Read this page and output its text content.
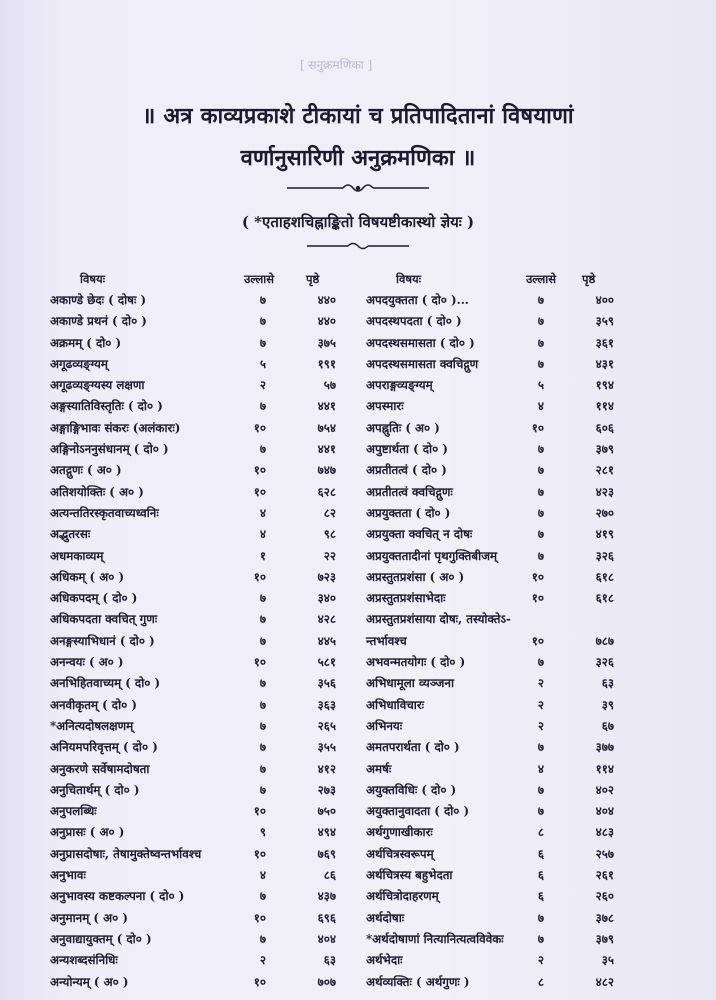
[ सनुक्रमणिका ]
॥ अत्र काव्यप्रकाशे टीकायां च प्रतिपादितानां विषयाणां
वर्णानुसारिणी अनुक्रमणिका ॥
( *एताहशचिह्नाङ्कितो विषयष्टीकास्थो ज्ञेयः )
विषयः	उल्लासे	पृष्ठे
अकाण्डे छेदः ( दोषः )	७	४४०
अकाण्डे प्रथनं ( दो० )	७	४४०
अक्रमम् ( दो० )	७	३७५
अगूढव्यङ्ग्यम्	५	१९१
अगूढव्यङ्ग्यस्य लक्षणा	२	५७
अङ्गस्यातिविस्तृतिः ( दो० )	७	४४१
अङ्गाङ्गिभावः संकरः (अलंकारः)	१०	७५४
अङ्गिनोऽननुसंधानम् ( दो० )	७	४४१
अतद्गुणः ( अ० )	१०	७४७
अतिशयोक्तिः ( अ० )	१०	६२८
अत्यन्ततिरस्कृतवाच्यध्वनिः	४	८२
अद्भुतरसः	४	९८
अधमकाव्यम्	१	२२
अधिकम् ( अ० )	१०	७२३
अधिकपदम् ( दो० )	७	३४०
अधिकपदता क्वचित् गुणः	७	४२८
अनङ्गस्याभिधानं ( दो० )	७	४४५
अनन्वयः ( अ० )	१०	५८१
अनभिहितवाच्यम् ( दो० )	७	३५६
अनवीकृतम् ( दो० )	७	३६३
*अनित्यदोषलक्षणम्	७	२६५
अनियमपरिवृत्तम् ( दो० )	७	३५५
अनुकरणे सर्वेषामदोषता	७	४१२
अनुचितार्थम् ( दो० )	७	२७३
अनुपलब्धिः	१०	७५०
अनुप्रासः ( अ० )	९	४९४
अनुप्रासदोषाः, तेषामुक्तेष्वन्तर्भावश्च	१०	७६९
अनुभावः	४	८६
अनुभावस्य कष्टकल्पना ( दो० )	७	४३७
अनुमानम् ( अ० )	१०	६९६
अनुवाद्यायुक्तम् ( दो० )	७	४०४
अन्यशब्दसंनिधिः	२	६३
अन्योन्यम् ( अ० )	१०	७०७
विषयः	उल्लासे पृष्ठे
अपदयुक्तता ( दो० )...	७	४००
अपदस्थपदता ( दो० )	७	३५९
अपदस्थसमासता ( दो० )	७	३६१
अपदस्थसमासता क्वचिद्गुण	७	४३१
अपराङ्गव्यङ्ग्यम्	५	१९४
अपस्मारः	४	११४
अपह्नुतिः ( अ० )	१०	६०६
अपुष्टार्थता ( दो० )	७	३७९
अप्रतीतत्वं ( दो० )	७	२८१
अप्रतीतत्वं क्वचिद्गुणः	७	४२३
अप्रयुक्तता ( दो० )	७	२७०
अप्रयुक्ता क्वचित् न दोषः	७	४१९
अप्रयुक्ततादीनां पृथगुक्तिबीजम्	७	३२६
अप्रस्तुतप्रशंसा ( अ० )	१०	६१८
अप्रस्तुतप्रशंसाभेदाः	१०	६१८
अप्रस्तुतप्रशंसाया दोषः, तस्योक्तेऽ-
न्तर्भावश्च	१०	७८७
अभवन्मतयोगः ( दो० )	७	३२६
अभिधामूला व्यञ्जना	२	६३
अभिधाविचारः	२	३९
अभिनयः	२	६७
अमतपरार्थता ( दो० )	७	३७७
अमर्षः	४	११४
अयुक्तविधिः ( दो० )	७	४०२
अयुक्तानुवादता ( दो० )	७	४०४
अर्थगुणाखीकारः	८	४८३
अर्थचित्रस्वरूपम्	६	२५७
अर्थचित्रस्य बहुभेदता	६	२६१
अर्थचित्रोदाहरणम्	६	२६०
अर्थदोषाः	७	३७८
*अर्थदोषाणां नित्यानित्यत्वविवेकः	७	३७९
अर्थभेदाः	२	३५
अर्थव्यक्तिः ( अर्थगुणः )	८	४८२
